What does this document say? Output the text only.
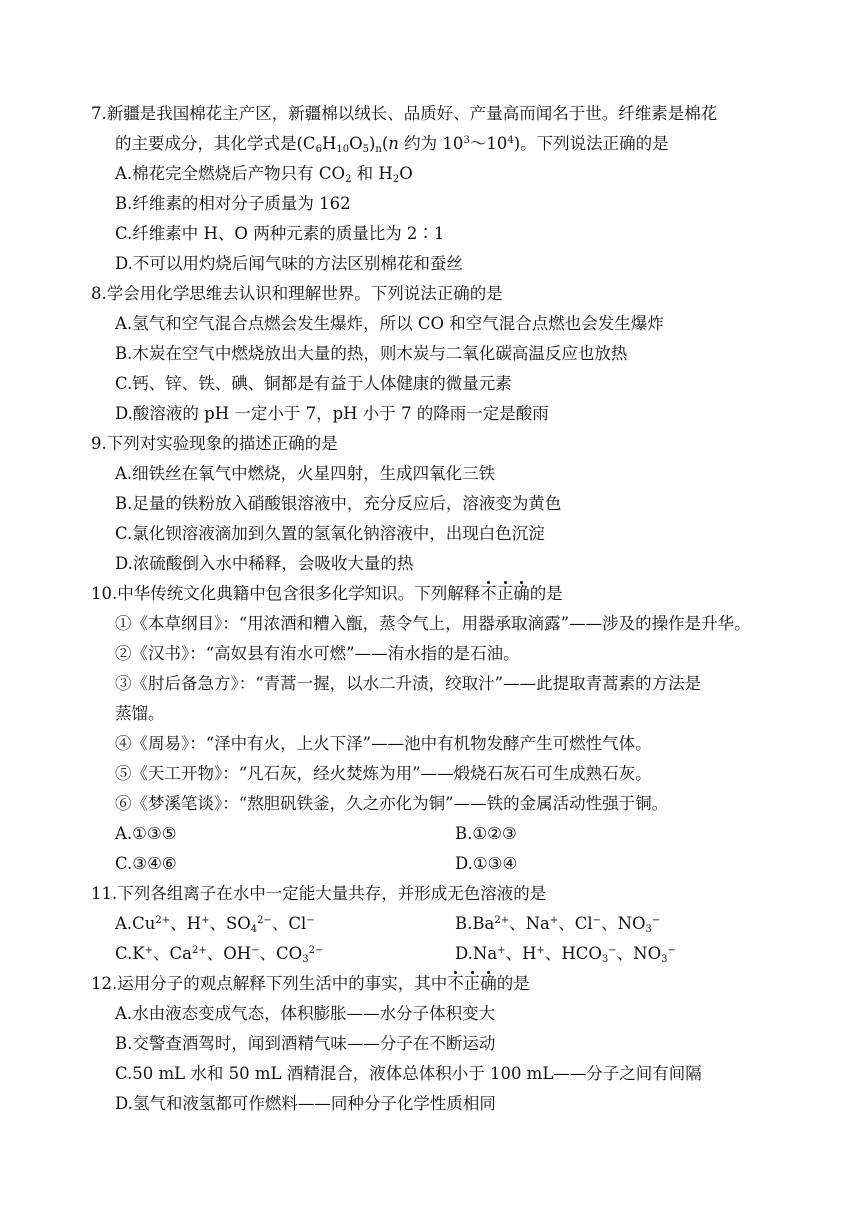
7.新疆是我国棉花主产区，新疆棉以绒长、品质好、产量高而闻名于世。纤维素是棉花
的主要成分，其化学式是$(C_6H_{10}O_5)_n(n$ 约为 $10^3\sim 10^4$)。下列说法正确的是
A.棉花完全燃烧后产物只有 $CO_2$ 和 $H_2O$
B.纤维素的相对分子质量为 162
C.纤维素中 H、O 两种元素的质量比为 2∶1
D.不可以用灼烧后闻气味的方法区别棉花和蚕丝
8.学会用化学思维去认识和理解世界。下列说法正确的是
A.氢气和空气混合点燃会发生爆炸，所以 CO 和空气混合点燃也会发生爆炸
B.木炭在空气中燃烧放出大量的热，则木炭与二氧化碳高温反应也放热
C.钙、锌、铁、碘、铜都是有益于人体健康的微量元素
D.酸溶液的 pH 一定小于 7，pH 小于 7 的降雨一定是酸雨
9.下列对实验现象的描述正确的是
A.细铁丝在氧气中燃烧，火星四射，生成四氧化三铁
B.足量的铁粉放入硝酸银溶液中，充分反应后，溶液变为黄色
C.氯化钡溶液滴加到久置的氢氧化钠溶液中，出现白色沉淀
D.浓硫酸倒入水中稀释，会吸收大量的热
10.中华传统文化典籍中包含很多化学知识。下列解释不正确的是
①《本草纲目》：“用浓酒和糟入甑，蒸令气上，用器承取滴露”——涉及的操作是升华。
②《汉书》：“高奴县有洧水可燃”——洧水指的是石油。
③《肘后备急方》：“青蒿一握，以水二升渍，绞取汁”——此提取青蒿素的方法是
蒸馏。
④《周易》：“泽中有火，上火下泽”——池中有机物发酵产生可燃性气体。
⑤《天工开物》：“凡石灰，经火焚炼为用”——煅烧石灰石可生成熟石灰。
⑥《梦溪笔谈》：“熬胆矾铁釜，久之亦化为铜”——铁的金属活动性强于铜。
A.①③⑤	B.①②③
C.③④⑥	D.①③④
11.下列各组离子在水中一定能大量共存，并形成无色溶液的是
$A.Cu^{2+}$、H+、$SO_4^{2-}$、Cl−	$B.Ba^{2+}$、Na+、Cl−、$NO_3^-$
C.K+、$Ca^{2+}$、OH−、$CO_3^{2-}$	D.Na+、H+、$HCO_3^-$、$NO_3^-$
12.运用分子的观点解释下列生活中的事实，其中不正确的是
A.水由液态变成气态，体积膨胀——水分子体积变大
B.交警查酒驾时，闻到酒精气味——分子在不断运动
C.50 mL 水和 50 mL 酒精混合，液体总体积小于 100 mL——分子之间有间隔
D.氢气和液氢都可作燃料——同种分子化学性质相同
